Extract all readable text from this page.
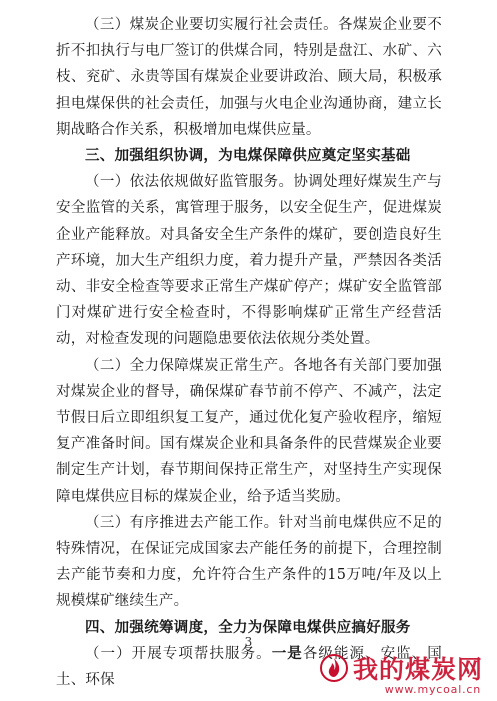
（三）煤炭企业要切实履行社会责任。各煤炭企业要不折不扣执行与电厂签订的供煤合同，特别是盘江、水矿、六枝、兖矿、永贵等国有煤炭企业要讲政治、顾大局，积极承担电煤保供的社会责任，加强与火电企业沟通协商，建立长期战略合作关系，积极增加电煤供应量。

三、加强组织协调，为电煤保障供应奠定坚实基础

（一）依法依规做好监管服务。协调处理好煤炭生产与安全监管的关系，寓管理于服务，以安全促生产，促进煤炭企业产能释放。对具备安全生产条件的煤矿，要创造良好生产环境，加大生产组织力度，着力提升产量，严禁因各类活动、非安全检查等要求正常生产煤矿停产；煤矿安全监管部门对煤矿进行安全检查时，不得影响煤矿正常生产经营活动，对检查发现的问题隐患要依法依规分类处置。

（二）全力保障煤炭正常生产。各地各有关部门要加强对煤炭企业的督导，确保煤矿春节前不停产、不减产，法定节假日后立即组织复工复产，通过优化复产验收程序，缩短复产准备时间。国有煤炭企业和具备条件的民营煤炭企业要制定生产计划，春节期间保持正常生产，对坚持生产实现保障电煤供应目标的煤炭企业，给予适当奖励。

（三）有序推进去产能工作。针对当前电煤供应不足的特殊情况，在保证完成国家去产能任务的前提下，合理控制去产能节奏和力度，允许符合生产条件的15万吨/年及以上规模煤矿继续生产。

四、加强统筹调度，全力为保障电煤供应搞好服务

（一）开展专项帮扶服务。一是各级能源、安监、国土、环保

3
我的煤炭网
www.mycoal.cn
